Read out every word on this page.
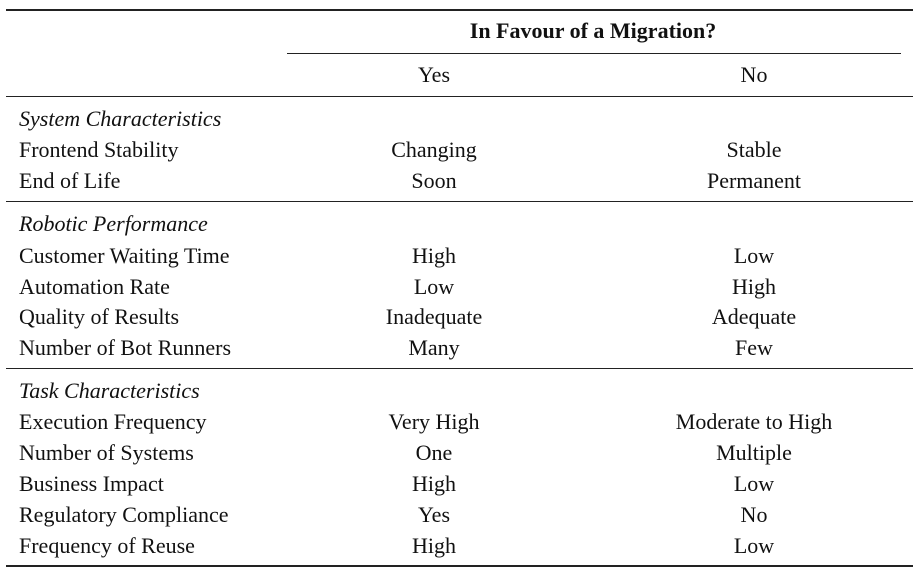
In Favour of a Migration?
Yes	No
System Characteristics
Frontend Stability	Changing	Stable
End of Life	Soon	Permanent
Robotic Performance
Customer Waiting Time	High	Low
Automation Rate	Low	High
Quality of Results	Inadequate	Adequate
Number of Bot Runners	Many	Few
Task Characteristics
Execution Frequency	Very High	Moderate to High
Number of Systems	One	Multiple
Business Impact	High	Low
Regulatory Compliance	Yes	No
Frequency of Reuse	High	Low
